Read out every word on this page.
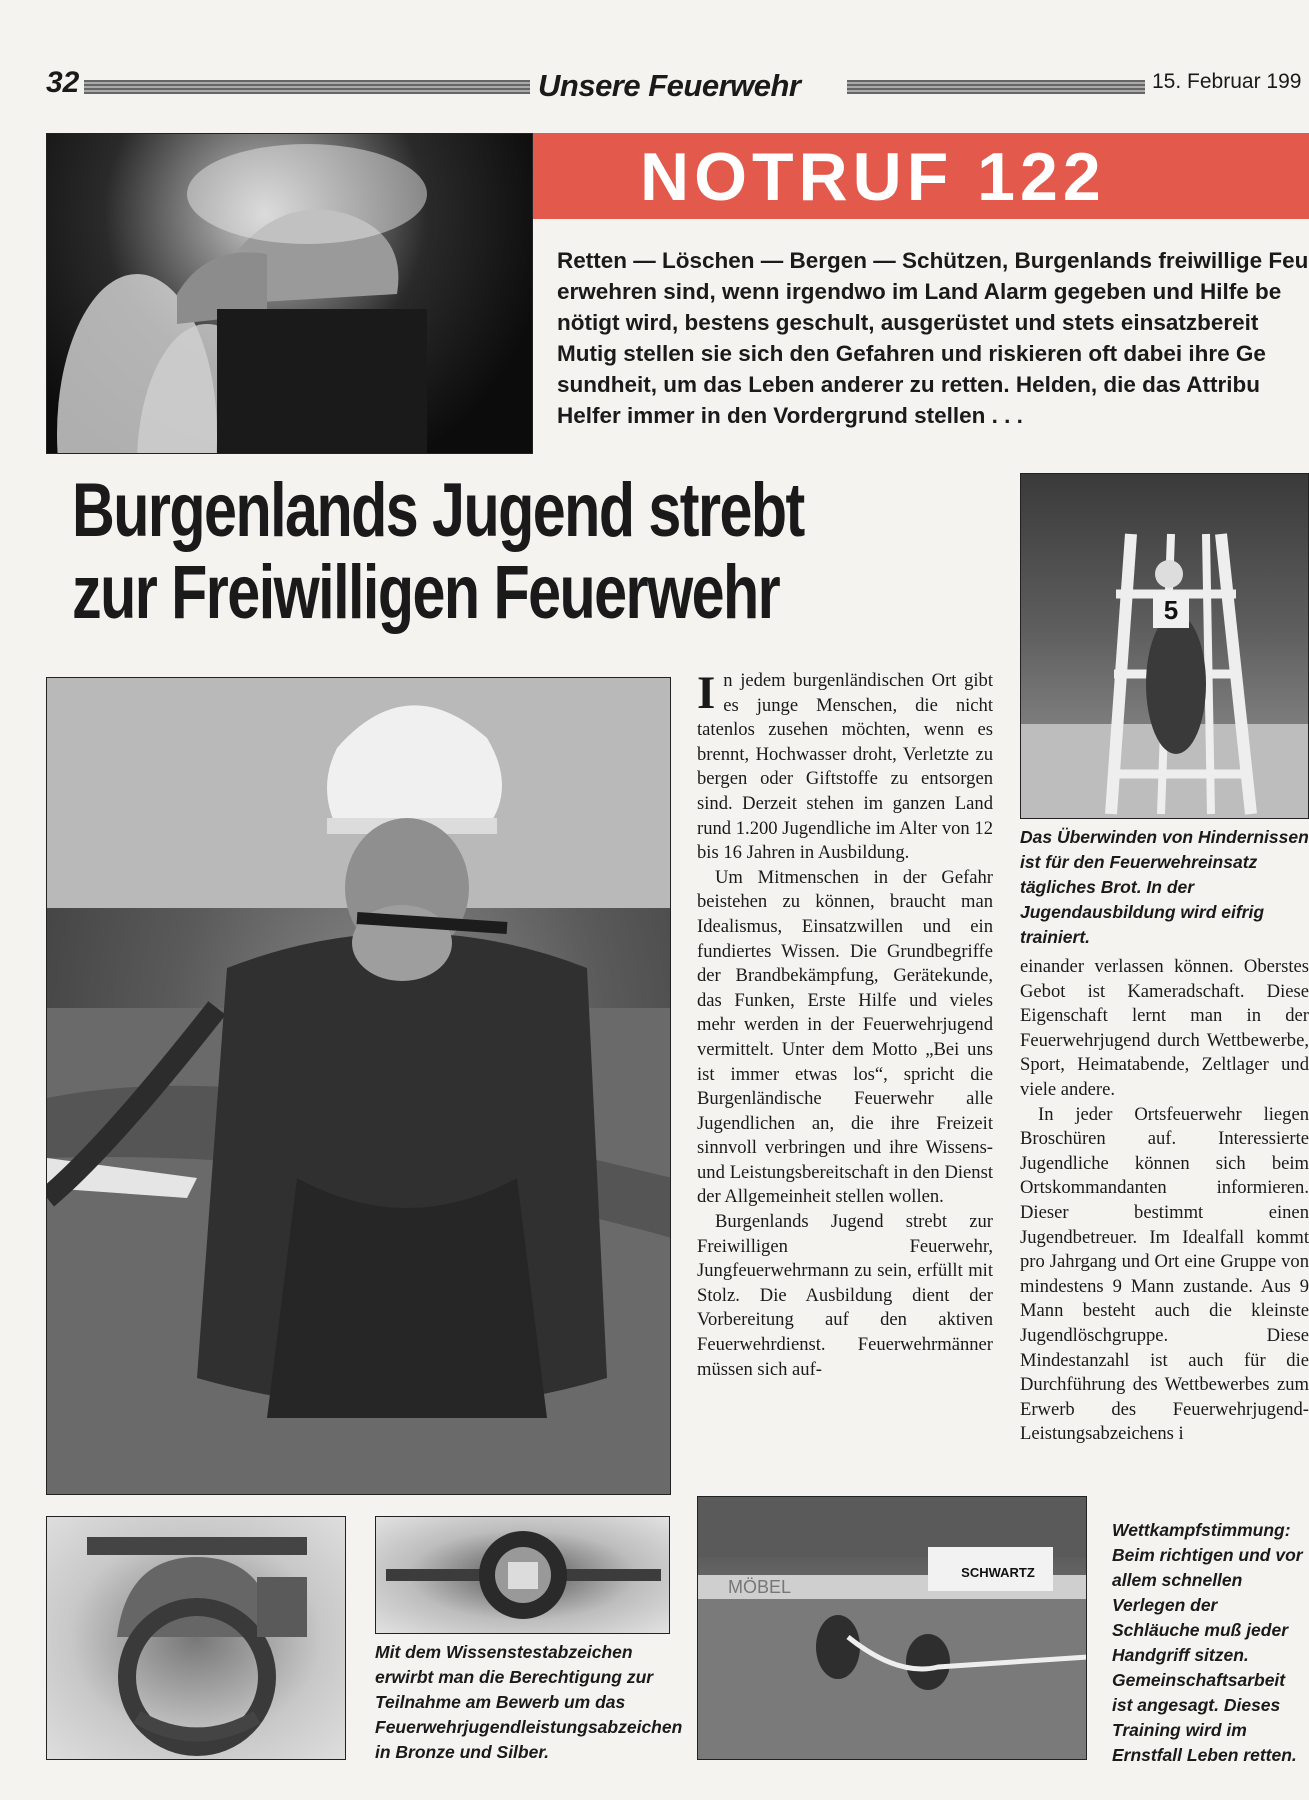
32	Unsere Feuerwehr	15. Februar 199
NOTRUF 122

Retten — Löschen — Bergen — Schützen, Burgenlands freiwillige Feu

erwehren sind, wenn irgendwo im Land Alarm gegeben und Hilfe be

nötigt wird, bestens geschult, ausgerüstet und stets einsatzbereit

Mutig stellen sie sich den Gefahren und riskieren oft dabei ihre Ge

sundheit, um das Leben anderer zu retten. Helden, die das Attribu

Helfer immer in den Vordergrund stellen . . .

Burgenlands Jugend strebt
zur Freiwilligen Feuerwehr	5
Das Überwinden von Hindernissen ist für den Feuerwehreinsatz tägliches Brot. In der Jugendausbildung wird eifrig trainiert.

In jedem burgenländischen Ort gibt es junge Menschen, die nicht tatenlos zusehen möchten, wenn es brennt, Hochwasser droht, Verletzte zu bergen oder Giftstoffe zu entsorgen sind. Derzeit stehen im ganzen Land rund 1.200 Jugendliche im Alter von 12 bis 16 Jahren in Ausbildung.

Um Mitmenschen in der Gefahr beistehen zu können, braucht man Idealismus, Einsatzwillen und ein fundiertes Wissen. Die Grundbegriffe der Brandbekämpfung, Gerätekunde, das Funken, Erste Hilfe und vieles mehr werden in der Feuerwehrjugend vermittelt. Unter dem Motto „Bei uns ist immer etwas los“, spricht die Burgenländische Feuerwehr alle Jugendlichen an, die ihre Freizeit sinnvoll verbringen und ihre Wissens- und Leistungsbereitschaft in den Dienst der Allgemeinheit stellen wollen.

Burgenlands Jugend strebt zur Freiwilligen Feuerwehr, Jungfeuerwehrmann zu sein, erfüllt mit Stolz. Die Ausbildung dient der Vorbereitung auf den aktiven Feuerwehrdienst. Feuerwehrmänner müssen sich auf-

einander verlassen können. Oberstes Gebot ist Kameradschaft. Diese Eigenschaft lernt man in der Feuerwehrjugend durch Wettbewerbe, Sport, Heimatabende, Zeltlager und viele andere.

In jeder Ortsfeuerwehr liegen Broschüren auf. Interessierte Jugendliche können sich beim Ortskommandanten informieren. Dieser bestimmt einen Jugendbetreuer. Im Idealfall kommt pro Jahrgang und Ort eine Gruppe von mindestens 9 Mann zustande. Aus 9 Mann besteht auch die kleinste Jugendlöschgruppe. Diese Mindestanzahl ist auch für die Durchführung des Wettbewerbes zum Erwerb des Feuerwehrjugend-Leistungsabzeichens i

Mit dem Wissenstestabzeichen erwirbt man die Berechtigung zur Teilnahme am Bewerb um das Feuerwehrjugendleistungsabzeichen in Bronze und Silber.
SCHWARTZ
MÖBEL
Wettkampfstimmung: Beim richtigen und vor allem schnellen Verlegen der Schläuche muß jeder Handgriff sitzen. Gemeinschaftsarbeit ist angesagt. Dieses Training wird im Ernstfall Leben retten.
